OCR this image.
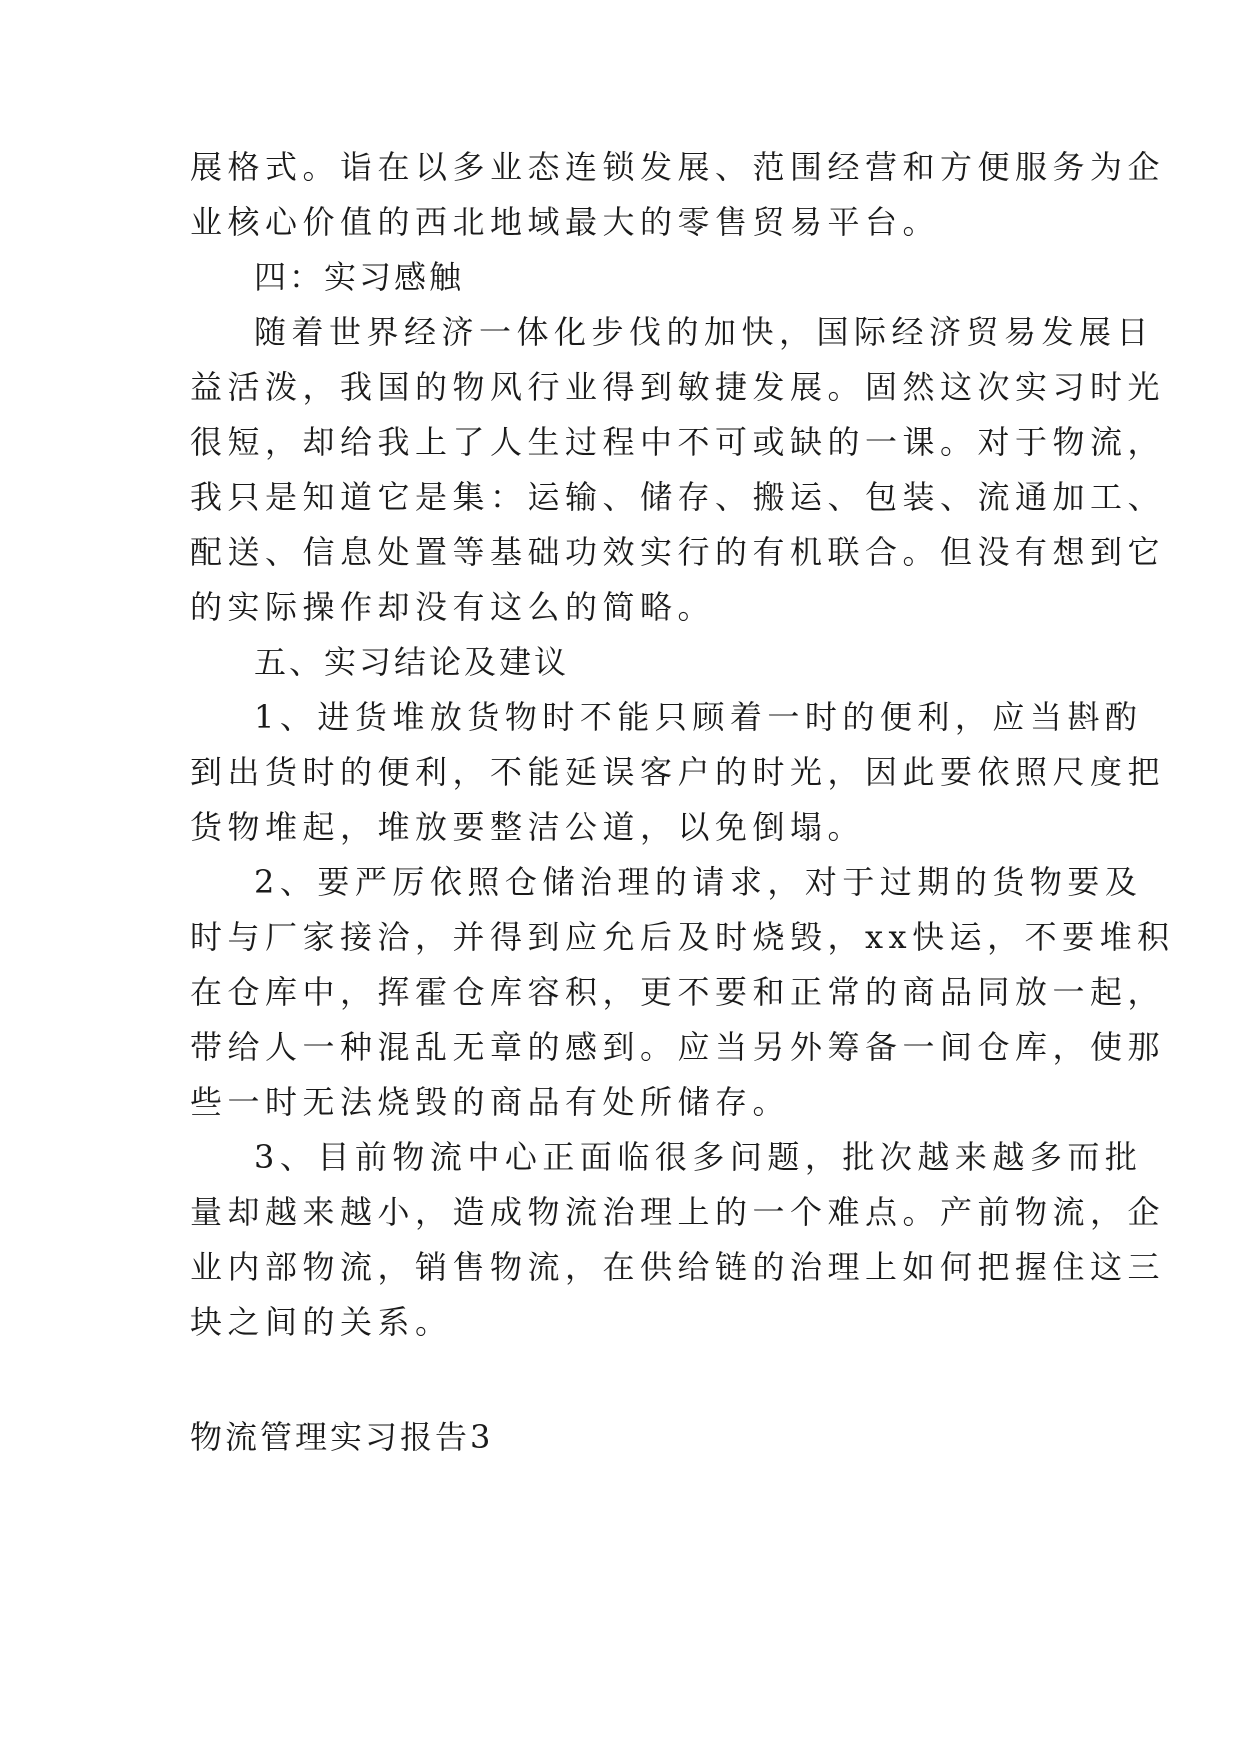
展格式。诣在以多业态连锁发展、范围经营和方便服务为企
业核心价值的西北地域最大的零售贸易平台。
四：实习感触
随着世界经济一体化步伐的加快，国际经济贸易发展日
益活泼，我国的物风行业得到敏捷发展。固然这次实习时光
很短，却给我上了人生过程中不可或缺的一课。对于物流，
我只是知道它是集：运输、储存、搬运、包装、流通加工、
配送、信息处置等基础功效实行的有机联合。但没有想到它
的实际操作却没有这么的简略。
五、实习结论及建议
1、进货堆放货物时不能只顾着一时的便利，应当斟酌
到出货时的便利，不能延误客户的时光，因此要依照尺度把
货物堆起，堆放要整洁公道，以免倒塌。
2、要严厉依照仓储治理的请求，对于过期的货物要及
时与厂家接洽，并得到应允后及时烧毁，xx快运，不要堆积
在仓库中，挥霍仓库容积，更不要和正常的商品同放一起，
带给人一种混乱无章的感到。应当另外筹备一间仓库，使那
些一时无法烧毁的商品有处所储存。
3、目前物流中心正面临很多问题，批次越来越多而批
量却越来越小，造成物流治理上的一个难点。产前物流，企
业内部物流，销售物流，在供给链的治理上如何把握住这三
块之间的关系。
物流管理实习报告3
